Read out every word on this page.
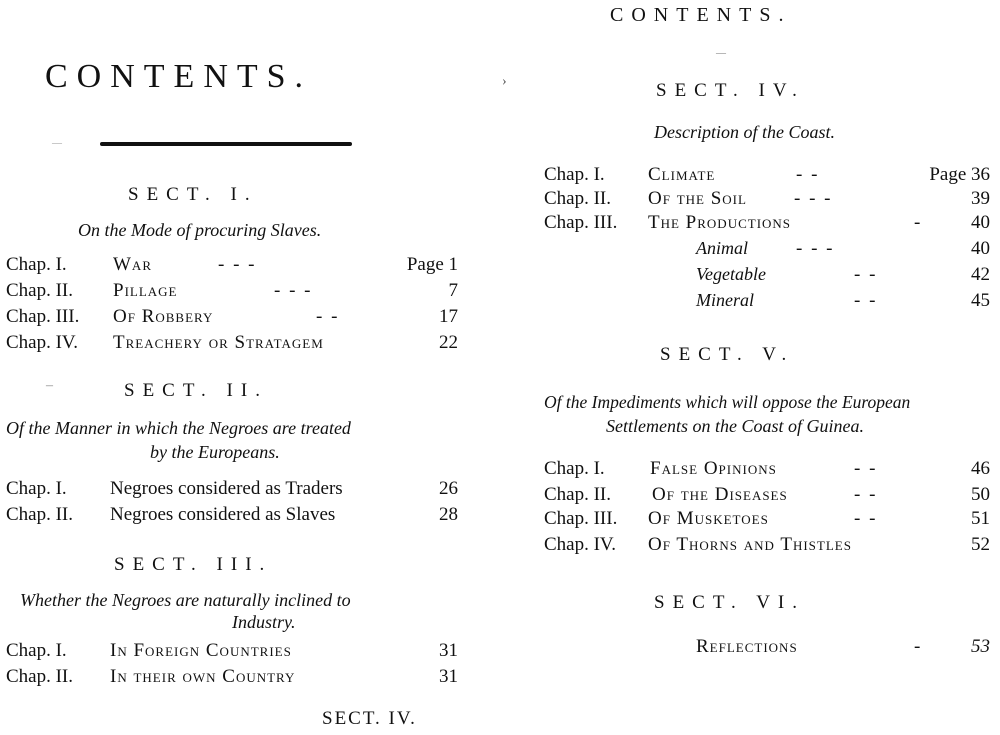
CONTENTS.
—
SECT. I.
On the Mode of procuring Slaves.
Chap. I. War	- - -	Page 1
Chap. II. Pillage	- - -	7
Chap. III. Of Robbery	- -	17
Chap. IV. Treachery or Stratagem	22
–	SECT. II.
Of the Manner in which the Negroes are treated
by the Europeans.
Chap. I. Negroes considered as Traders	26
Chap. II. Negroes considered as Slaves	28
SECT. III.
Whether the Negroes are naturally inclined to
Industry.
Chap. I. In Foreign Countries	31
Chap. II. In their own Country	31
SECT. IV.
›
CONTENTS.
—
SECT. IV.
Description of the Coast.
Chap. I. Climate	- -	Page 36
Chap. II. Of the Soil - - -	39
Chap. III. The Productions	-	40
Animal	- - -	40
Vegetable	- -	42
Mineral	- -	45
SECT. V.
Of the Impediments which will oppose the European
Settlements on the Coast of Guinea.
Chap. I. False Opinions	- -	46
Chap. II. Of the Diseases	- -	50
Chap. III. Of Musketoes	- -	51
Chap. IV. Of Thorns and Thistles	52
SECT. VI.
Reflections	-	53
